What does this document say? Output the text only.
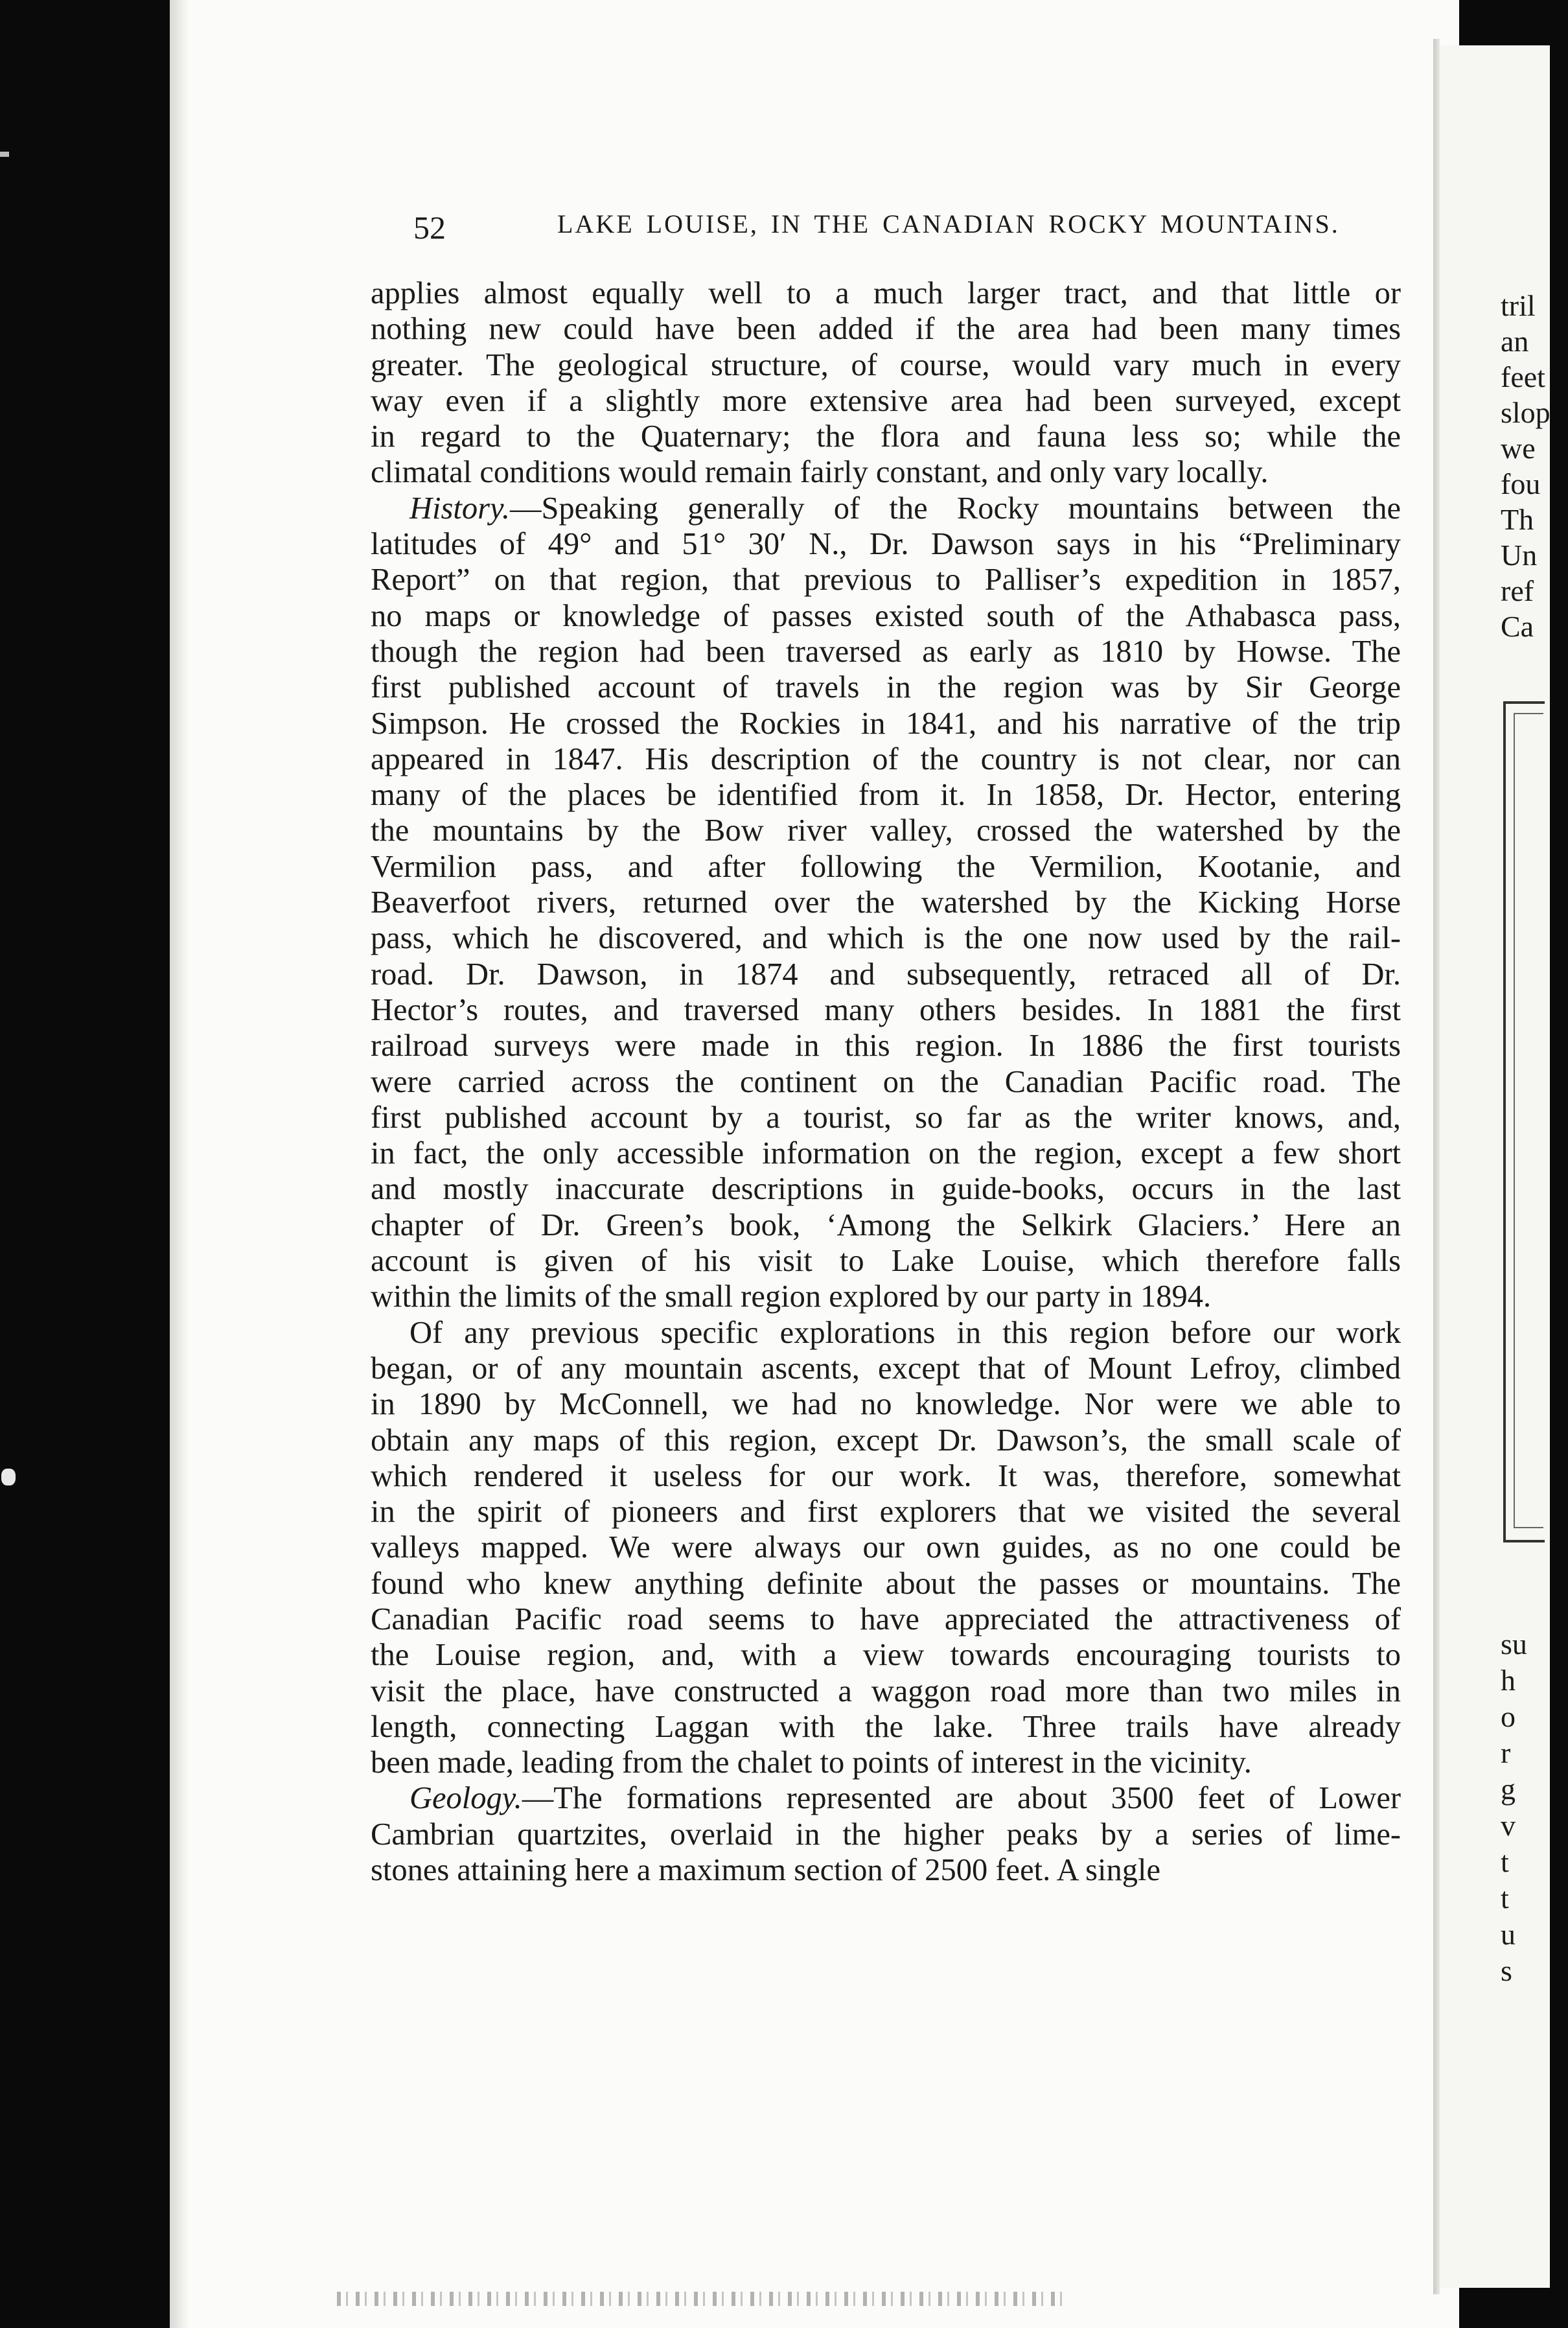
52	LAKE LOUISE, IN THE CANADIAN ROCKY MOUNTAINS.
applies almost equally well to a much larger tract, and that little or
nothing new could have been added if the area had been many times
greater. The geological structure, of course, would vary much in every
way even if a slightly more extensive area had been surveyed, except
in regard to the Quaternary; the flora and fauna less so; while the
climatal conditions would remain fairly constant, and only vary locally.
History.—Speaking generally of the Rocky mountains between the
latitudes of 49° and 51° 30′ N., Dr. Dawson says in his “Preliminary
Report” on that region, that previous to Palliser’s expedition in 1857,
no maps or knowledge of passes existed south of the Athabasca pass,
though the region had been traversed as early as 1810 by Howse. The
first published account of travels in the region was by Sir George
Simpson. He crossed the Rockies in 1841, and his narrative of the trip
appeared in 1847. His description of the country is not clear, nor can
many of the places be identified from it. In 1858, Dr. Hector, entering
the mountains by the Bow river valley, crossed the watershed by the
Vermilion pass, and after following the Vermilion, Kootanie, and
Beaverfoot rivers, returned over the watershed by the Kicking Horse
pass, which he discovered, and which is the one now used by the rail-
road. Dr. Dawson, in 1874 and subsequently, retraced all of Dr.
Hector’s routes, and traversed many others besides. In 1881 the first
railroad surveys were made in this region. In 1886 the first tourists
were carried across the continent on the Canadian Pacific road. The
first published account by a tourist, so far as the writer knows, and,
in fact, the only accessible information on the region, except a few short
and mostly inaccurate descriptions in guide-books, occurs in the last
chapter of Dr. Green’s book, ‘Among the Selkirk Glaciers.’ Here an
account is given of his visit to Lake Louise, which therefore falls
within the limits of the small region explored by our party in 1894.
Of any previous specific explorations in this region before our work
began, or of any mountain ascents, except that of Mount Lefroy, climbed
in 1890 by McConnell, we had no knowledge. Nor were we able to
obtain any maps of this region, except Dr. Dawson’s, the small scale of
which rendered it useless for our work. It was, therefore, somewhat
in the spirit of pioneers and first explorers that we visited the several
valleys mapped. We were always our own guides, as no one could be
found who knew anything definite about the passes or mountains. The
Canadian Pacific road seems to have appreciated the attractiveness of
the Louise region, and, with a view towards encouraging tourists to
visit the place, have constructed a waggon road more than two miles in
length, connecting Laggan with the lake. Three trails have already
been made, leading from the chalet to points of interest in the vicinity.
Geology.—The formations represented are about 3500 feet of Lower
Cambrian quartzites, overlaid in the higher peaks by a series of lime-
stones attaining here a maximum section of 2500 feet. A single
tril
an
feet
slop
we
fou
Th
Un
ref
Ca
su
h
o
r
g
v
t
t
u
s
